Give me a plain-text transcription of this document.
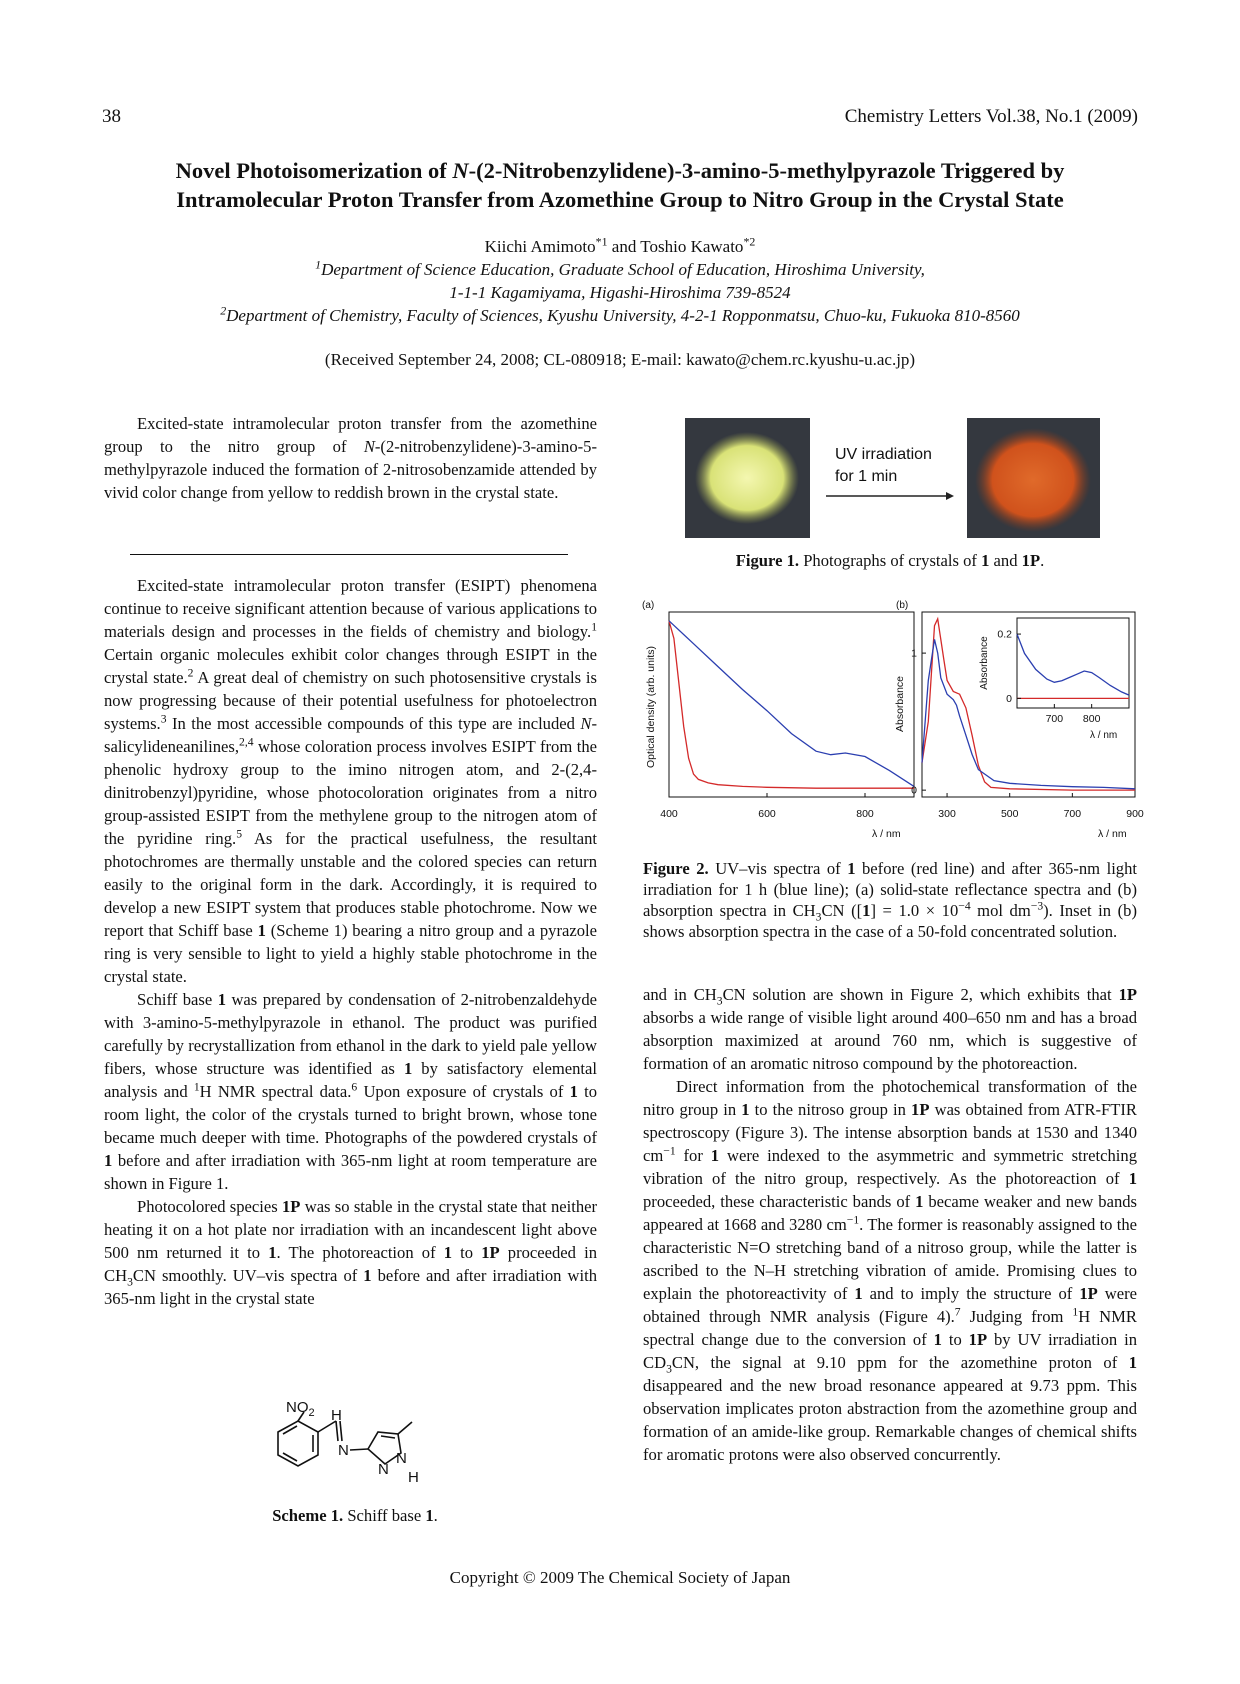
38	Chemistry Letters Vol.38, No.1 (2009)

Novel Photoisomerization of N-(2-Nitrobenzylidene)-3-amino-5-methylpyrazole Triggered by

Intramolecular Proton Transfer from Azomethine Group to Nitro Group in the Crystal State

Kiichi Amimoto$^{*1}$ and Toshio Kawato$^{*2}$

$^1$Department of Science Education, Graduate School of Education, Hiroshima University,

1-1-1 Kagamiyama, Higashi-Hiroshima 739-8524

$^2$Department of Chemistry, Faculty of Sciences, Kyushu University, 4-2-1 Ropponmatsu, Chuo-ku, Fukuoka 810-8560

(Received September 24, 2008; CL-080918; E-mail: kawato@chem.rc.kyushu-u.ac.jp)

Excited-state intramolecular proton transfer from the azomethine group to the nitro group of N-(2-nitrobenzylidene)-3-amino-5-methylpyrazole induced the formation of 2-nitrosobenzamide attended by vivid color change from yellow to reddish brown in the crystal state.

Excited-state intramolecular proton transfer (ESIPT) phenomena continue to receive significant attention because of various applications to materials design and processes in the fields of chemistry and biology.$^1$ Certain organic molecules exhibit color changes through ESIPT in the crystal state.$^2$ A great deal of chemistry on such photosensitive crystals is now progressing because of their potential usefulness for photoelectron systems.$^3$ In the most accessible compounds of this type are included N-salicylideneanilines,$^{2,4}$ whose coloration process involves ESIPT from the phenolic hydroxy group to the imino nitrogen atom, and 2-(2,4-dinitrobenzyl)pyridine, whose photocoloration originates from a nitro group-assisted ESIPT from the methylene group to the nitrogen atom of the pyridine ring.$^5$ As for the practical usefulness, the resultant photochromes are thermally unstable and the colored species can return easily to the original form in the dark. Accordingly, it is required to develop a new ESIPT system that produces stable photochrome. Now we report that Schiff base 1 (Scheme 1) bearing a nitro group and a pyrazole ring is very sensible to light to yield a highly stable photochrome in the crystal state.

Schiff base 1 was prepared by condensation of 2-nitrobenzaldehyde with 3-amino-5-methylpyrazole in ethanol. The product was purified carefully by recrystallization from ethanol in the dark to yield pale yellow fibers, whose structure was identified as 1 by satisfactory elemental analysis and $^1$H NMR spectral data.$^6$ Upon exposure of crystals of 1 to room light, the color of the crystals turned to bright brown, whose tone became much deeper with time. Photographs of the powdered crystals of 1 before and after irradiation with 365-nm light at room temperature are shown in Figure 1.

Photocolored species 1P was so stable in the crystal state that neither heating it on a hot plate nor irradiation with an incandescent light above 500 nm returned it to 1. The photoreaction of 1 to 1P proceeded in $CH_3CN$ smoothly. UV–vis spectra of 1 before and after irradiation with 365-nm light in the crystal state

$NO_2$ H
N
N
N
H
Scheme 1. Schiff base 1.
UV irradiation
for 1 min
Figure 1. Photographs of crystals of 1 and 1P.
(a)
Optical density (arb. units)
λ / nm
400	600	800
(b)
Absorbance
λ / nm
300	500	700	900
0
1	Absorbance
λ / nm
700 800
0
0.2
Figure 2. UV–vis spectra of 1 before (red line) and after 365-nm light irradiation for 1 h (blue line); (a) solid-state reflectance spectra and (b) absorption spectra in $CH_3CN$ ($[1] = 1.0 \times 10^{-4}$ mol $dm^{-3}$). Inset in (b) shows absorption spectra in the case of a 50-fold concentrated solution.

and in $CH_3CN$ solution are shown in Figure 2, which exhibits that 1P absorbs a wide range of visible light around 400–650 nm and has a broad absorption maximized at around 760 nm, which is suggestive of formation of an aromatic nitroso compound by the photoreaction.

Direct information from the photochemical transformation of the nitro group in 1 to the nitroso group in 1P was obtained from ATR-FTIR spectroscopy (Figure 3). The intense absorption bands at 1530 and 1340 $cm^{-1}$ for 1 were indexed to the asymmetric and symmetric stretching vibration of the nitro group, respectively. As the photoreaction of 1 proceeded, these characteristic bands of 1 became weaker and new bands appeared at 1668 and 3280 $cm^{-1}$. The former is reasonably assigned to the characteristic N=O stretching band of a nitroso group, while the latter is ascribed to the N–H stretching vibration of amide. Promising clues to explain the photoreactivity of 1 and to imply the structure of 1P were obtained through NMR analysis (Figure 4).$^7$ Judging from $^1$H NMR spectral change due to the conversion of 1 to 1P by UV irradiation in $CD_3CN$, the signal at 9.10 ppm for the azomethine proton of 1 disappeared and the new broad resonance appeared at 9.73 ppm. This observation implicates proton abstraction from the azomethine group and formation of an amide-like group. Remarkable changes of chemical shifts for aromatic protons were also observed concurrently.

Copyright © 2009 The Chemical Society of Japan
